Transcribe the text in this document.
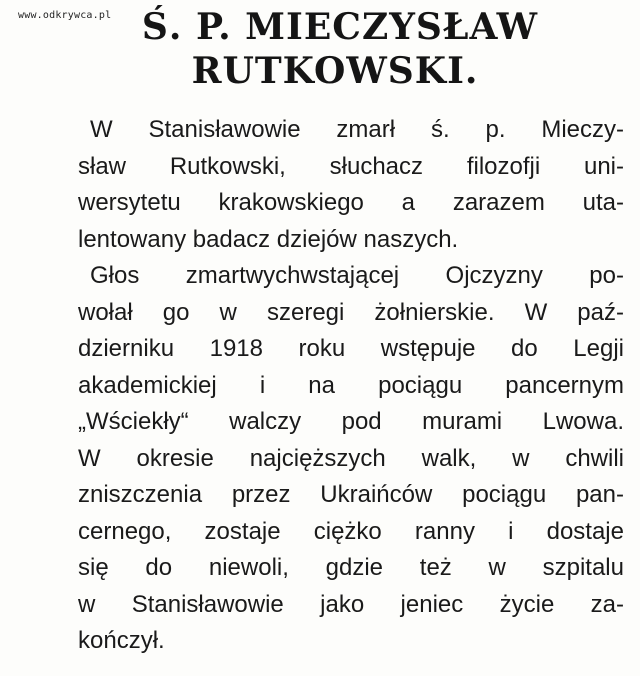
www.odkrywca.pl Ś. P. MIECZYSŁAW
RUTKOWSKI.
W Stanisławowie zmarł ś. p. Mieczy-
sław Rutkowski, słuchacz filozofji uni-
wersytetu krakowskiego a zarazem uta-
lentowany badacz dziejów naszych.
Głos zmartwychwstającej Ojczyzny po-
wołał go w szeregi żołnierskie. W paź-
dzierniku 1918 roku wstępuje do Legji
akademickiej i na pociągu pancernym
„Wściekły“ walczy pod murami Lwowa.
W okresie najcięższych walk, w chwili
zniszczenia przez Ukraińców pociągu pan-
cernego, zostaje ciężko ranny i dostaje
się do niewoli, gdzie też w szpitalu
w Stanisławowie jako jeniec życie za-
kończył.
